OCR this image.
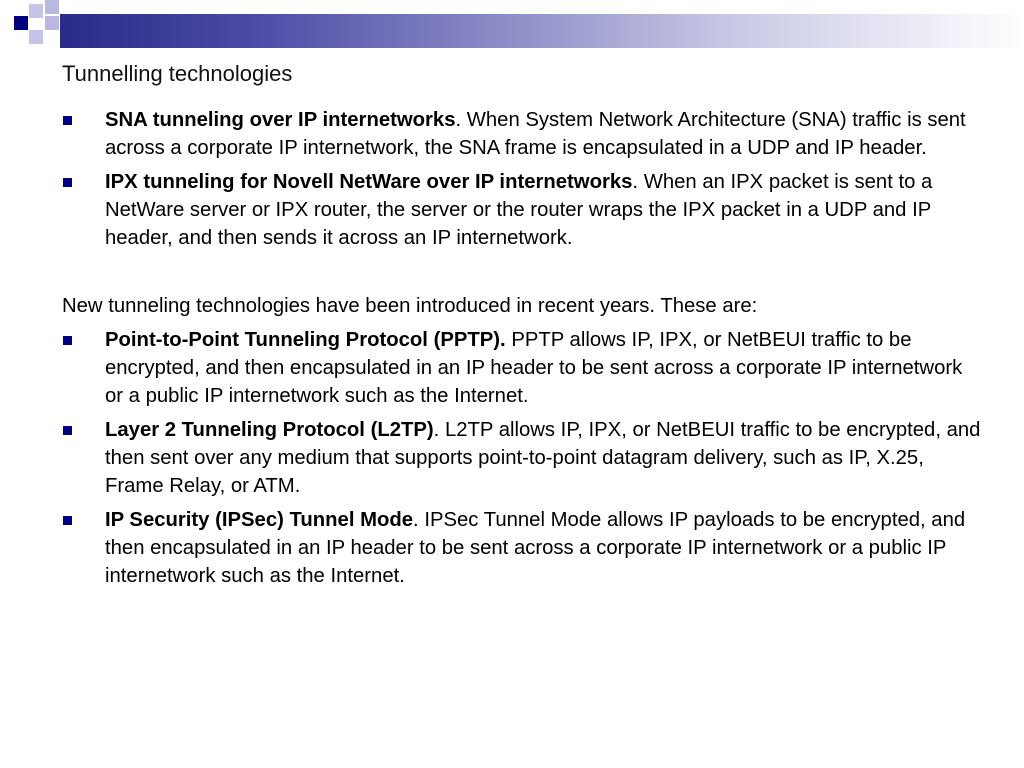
Tunnelling technologies
SNA tunneling over IP internetworks. When System Network Architecture (SNA) traffic is sent across a corporate IP internetwork, the SNA frame is encapsulated in a UDP and IP header.
IPX tunneling for Novell NetWare over IP internetworks. When an IPX packet is sent to a NetWare server or IPX router, the server or the router wraps the IPX packet in a UDP and IP header, and then sends it across an IP internetwork.
New tunneling technologies have been introduced in recent years. These are:
Point-to-Point Tunneling Protocol (PPTP). PPTP allows IP, IPX, or NetBEUI traffic to be encrypted, and then encapsulated in an IP header to be sent across a corporate IP internetwork or a public IP internetwork such as the Internet.
Layer 2 Tunneling Protocol (L2TP). L2TP allows IP, IPX, or NetBEUI traffic to be encrypted, and then sent over any medium that supports point-to-point datagram delivery, such as IP, X.25, Frame Relay, or ATM.
IP Security (IPSec) Tunnel Mode. IPSec Tunnel Mode allows IP payloads to be encrypted, and then encapsulated in an IP header to be sent across a corporate IP internetwork or a public IP internetwork such as the Internet.
